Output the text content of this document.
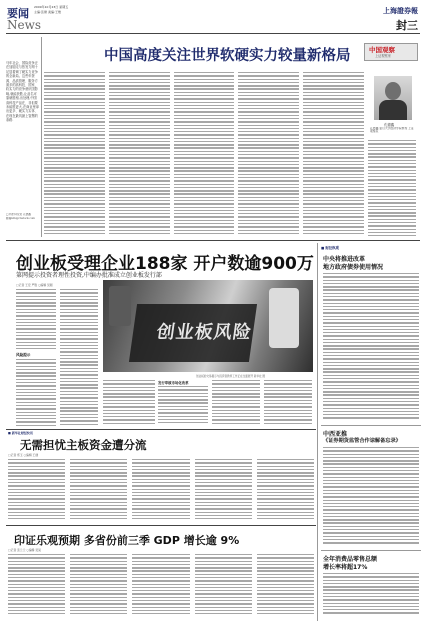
要闻 2009年10月23日 星期五
主编:张健 美编:王维
News
上海證券報
封三
马年社会、国际竞争正在加剧走与热发力网十足显着调了硬实力竞争的全新局。这些年资源、品质管理、服务方面多的高科技、国家、软实力的竞争意识国影响,就能获胜,让品名可靠就胜相,出处理,中国高科技产品在、非但要未能胜更大,在商业里拿出更多、硬实力实体、在现在最具最上智慧的条路.
□ 特约评论员 孔德鑫
邮箱kdx@cnstock.com
中国高度关注世界软硬实力较量新格局	中国观察
上证观察家
孔德鑫
孔德鑫 复旦大学经济学院教授 上证观察家
创业板受理企业188家 开户数逾900万
第网提示投资者理性投资,中编办批准成立创业板发行部
□记者 王宏 严胜 ○编辑 吴刚
风险提示
创业板风险
创业板的交易提示与投资者教育工作正在全面展开 新华社 图
发行审核市场化改革
■ 财经纵观
中央将推进改革
地方政府债券使用情况
中西亚推
《证券期货监管合作谅解备忘录》
全年消费品零售总额
增长率将超17%
■ 新华社财经快讯
无需担忧主板资金遭分流
□记者 郑玉 ○编辑 王健
印证乐观预期 多省份前三季 GDP 增长逾 9%
□记者 张兰兰 ○编辑 吴昊
